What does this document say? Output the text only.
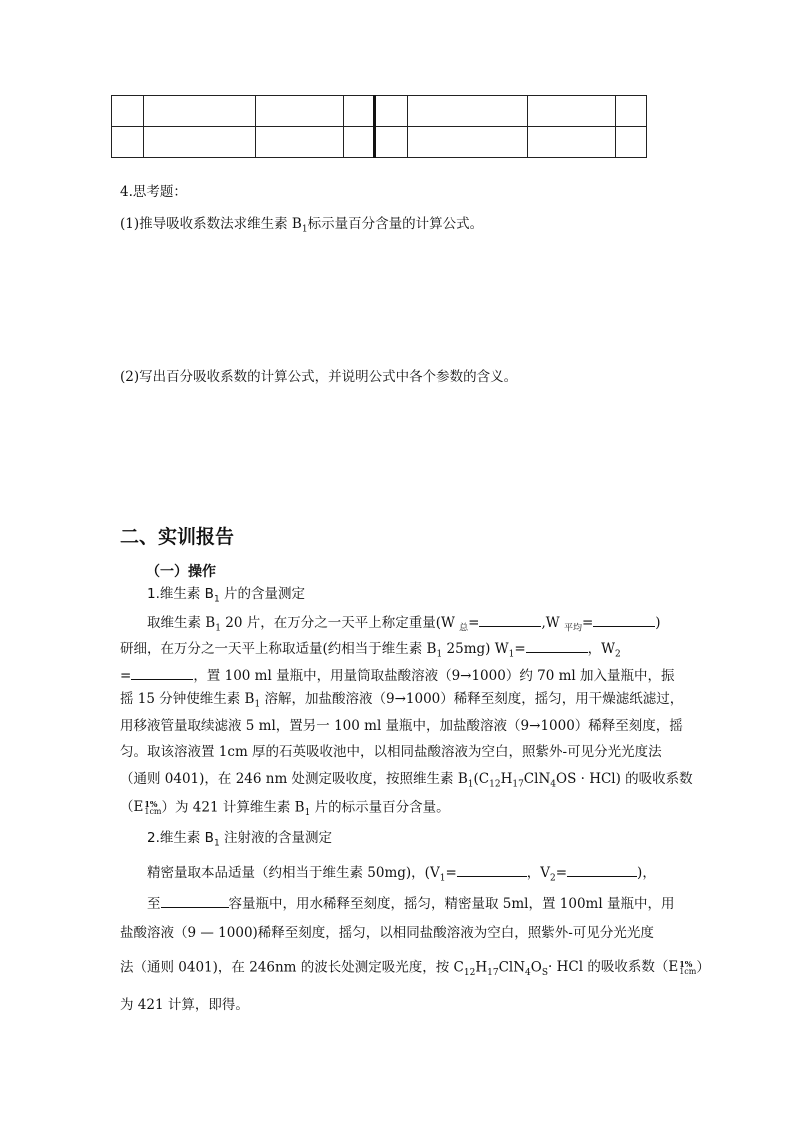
4.思考题：
(1)推导吸收系数法求维生素 $B_1$标示量百分含量的计算公式。
(2)写出百分吸收系数的计算公式，并说明公式中各个参数的含义。
二、实训报告
（一）操作
1.维生素 $B_1$ 片的含量测定
取维生素 $B_1$ 20 片，在万分之一天平上称定重量(W $_总$=	,W $_{平均}$=	)
研细，在万分之一天平上称取适量(约相当于维生素 $B_1$ 25mg) $W_1=$	，$W_2$
=	，置 100 ml 量瓶中，用量筒取盐酸溶液（9→1000）约 70 ml 加入量瓶中，振
摇 15 分钟使维生素 $B_1$ 溶解，加盐酸溶液（9→1000）稀释至刻度，摇匀，用干燥滤纸滤过，
用移液管量取续滤液 5 ml，置另一 100 ml 量瓶中，加盐酸溶液（9→1000）稀释至刻度，摇
匀。取该溶液置 1cm 厚的石英吸收池中，以相同盐酸溶液为空白，照紫外-可见分光光度法
（通则 0401)，在 246 nm 处测定吸收度，按照维生素 $B_1(C_{12}H_{17}ClN_4OS \cdot HCl)$ 的吸收系数
（E 1%
1cm ）为 421 计算维生素 $B_1$ 片的标示量百分含量。
2.维生素 $B_1$ 注射液的含量测定
精密量取本品适量（约相当于维生素 50mg)，($V_1=$	，$V_2=$	)，
至	容量瓶中，用水稀释至刻度，摇匀，精密量取 5ml，置 100ml 量瓶中，用
盐酸溶液（9 — 1000)稀释至刻度，摇匀，以相同盐酸溶液为空白，照紫外-可见分光光度
法（通则 0401)，在 246nm 的波长处测定吸光度，按 $C_{12}H_{17}ClN_4O_S$ · HCl 的吸收系数（E 1%
1cm ）
为 421 计算，即得。
